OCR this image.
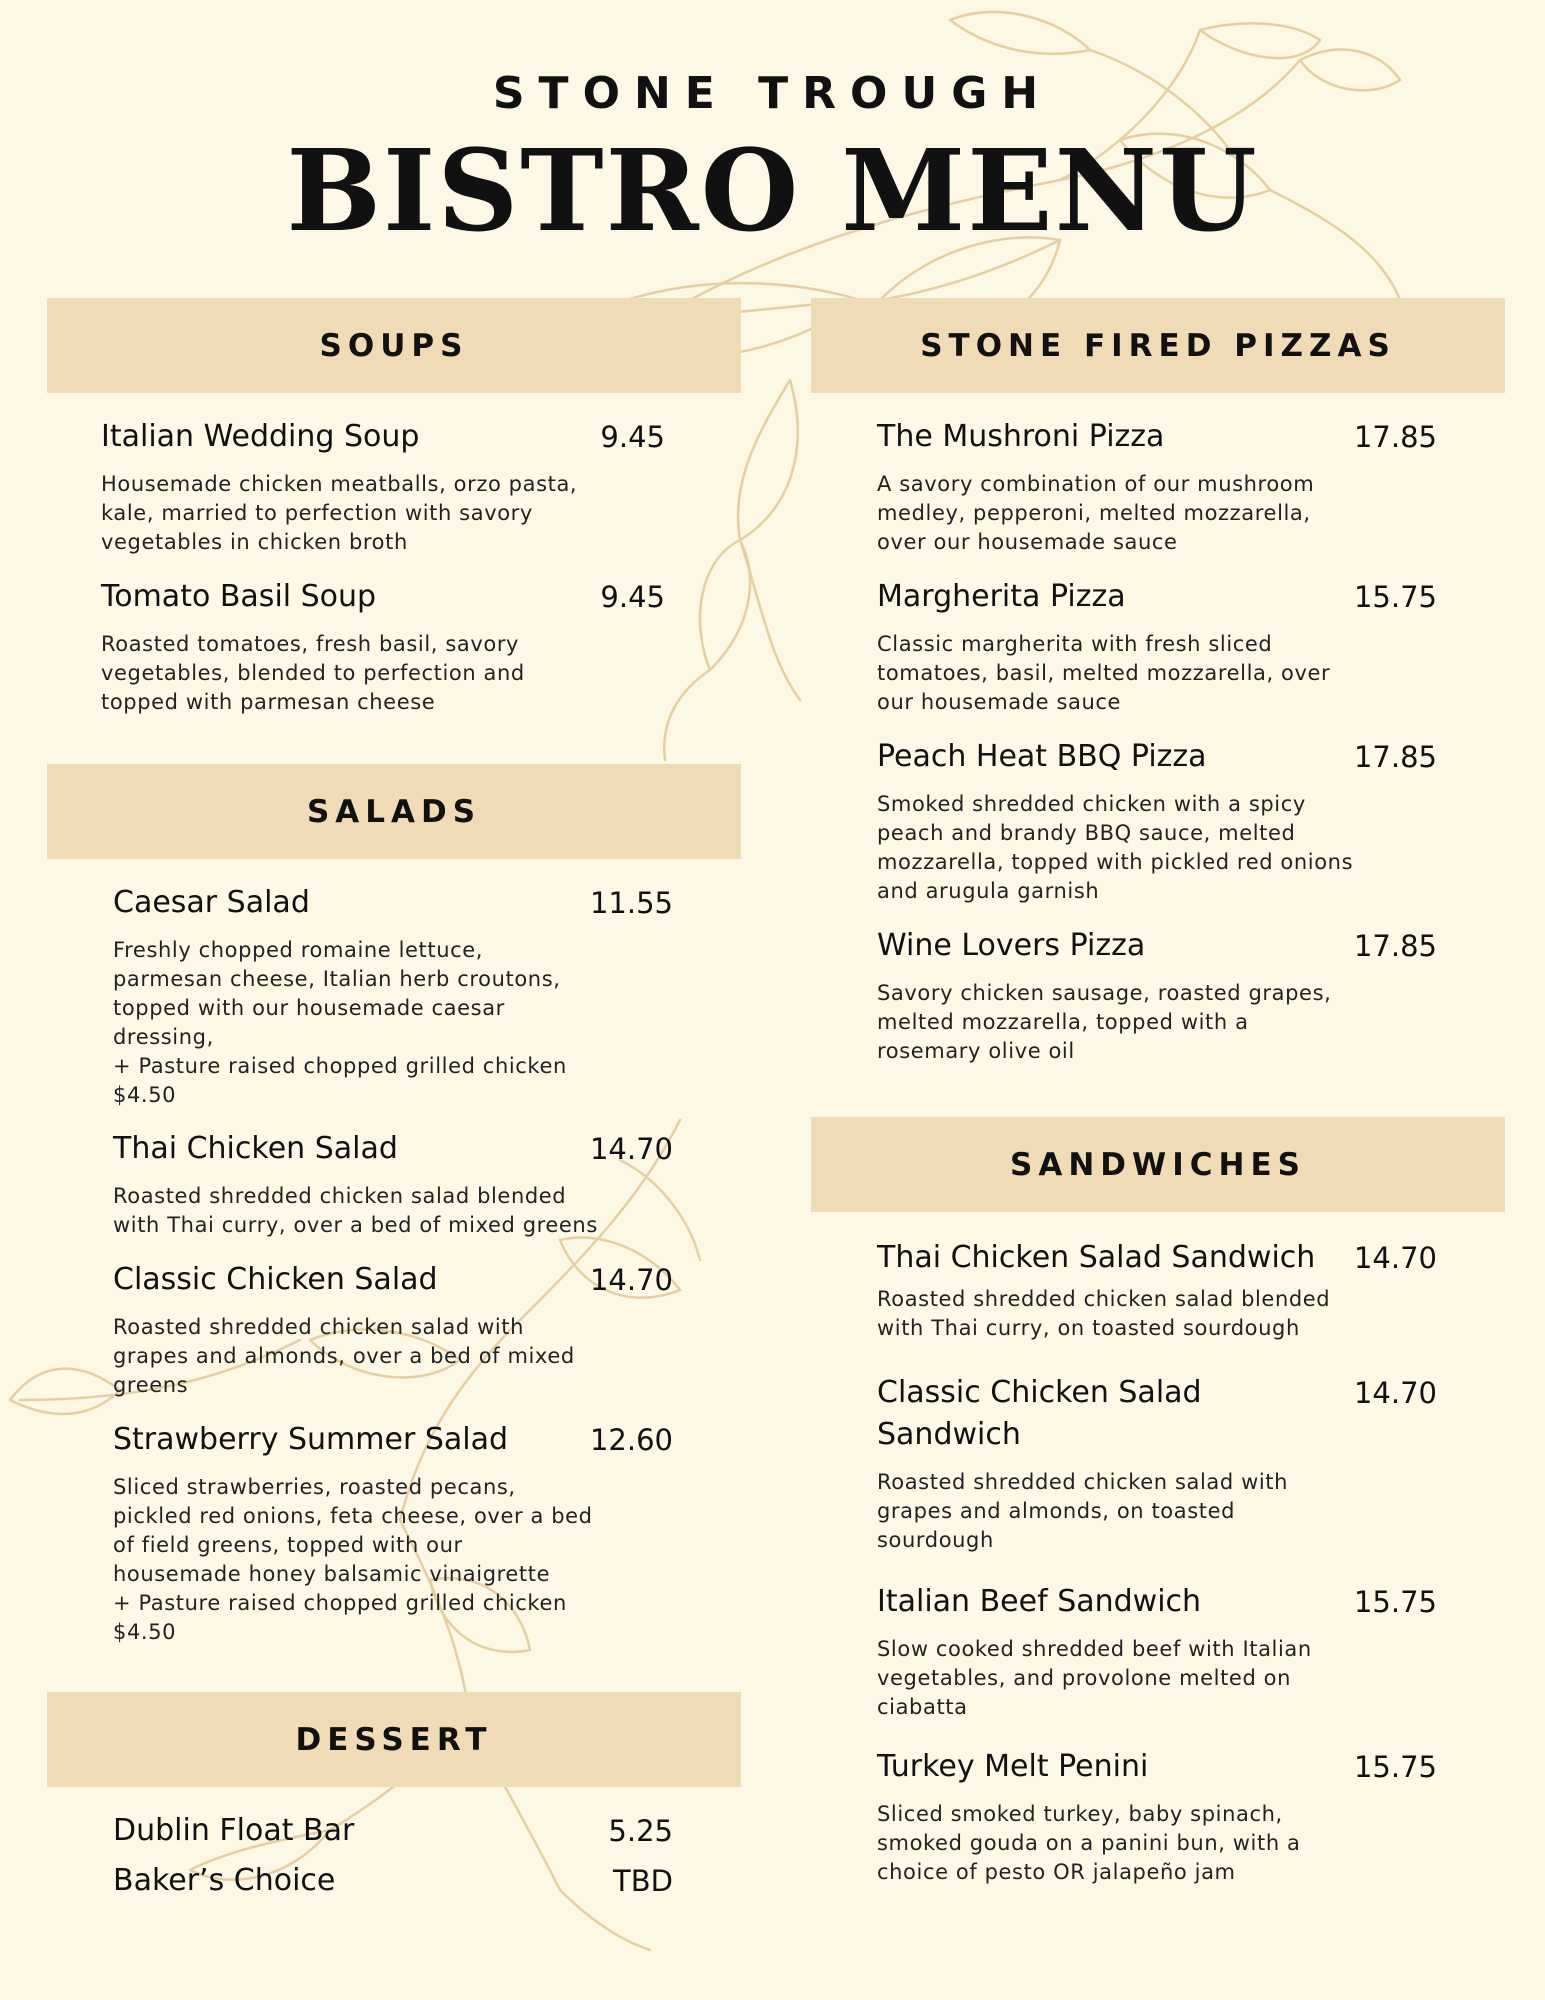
STONE TROUGH
BISTRO MENU
SOUPS
Italian Wedding Soup	9.45
Housemade chicken meatballs, orzo pasta,
kale, married to perfection with savory
vegetables in chicken broth
Tomato Basil Soup	9.45
Roasted tomatoes, fresh basil, savory
vegetables, blended to perfection and
topped with parmesan cheese
SALADS
Caesar Salad	11.55
Freshly chopped romaine lettuce,
parmesan cheese, Italian herb croutons,
topped with our housemade caesar
dressing,
+ Pasture raised chopped grilled chicken
$4.50
Thai Chicken Salad	14.70
Roasted shredded chicken salad blended
with Thai curry, over a bed of mixed greens
Classic Chicken Salad	14.70
Roasted shredded chicken salad with
grapes and almonds, over a bed of mixed
greens
Strawberry Summer Salad	12.60
Sliced strawberries, roasted pecans,
pickled red onions, feta cheese, over a bed
of field greens, topped with our
housemade honey balsamic vinaigrette
+ Pasture raised chopped grilled chicken
$4.50
DESSERT
Dublin Float Bar	5.25
Baker’s Choice	TBD
STONE FIRED PIZZAS
The Mushroni Pizza	17.85
A savory combination of our mushroom
medley, pepperoni, melted mozzarella,
over our housemade sauce
Margherita Pizza	15.75
Classic margherita with fresh sliced
tomatoes, basil, melted mozzarella, over
our housemade sauce
Peach Heat BBQ Pizza	17.85
Smoked shredded chicken with a spicy
peach and brandy BBQ sauce, melted
mozzarella, topped with pickled red onions
and arugula garnish
Wine Lovers Pizza	17.85
Savory chicken sausage, roasted grapes,
melted mozzarella, topped with a
rosemary olive oil
SANDWICHES
Thai Chicken Salad Sandwich	14.70
Roasted shredded chicken salad blended
with Thai curry, on toasted sourdough
Classic Chicken Salad
Sandwich
14.70
Roasted shredded chicken salad with
grapes and almonds, on toasted
sourdough
Italian Beef Sandwich	15.75
Slow cooked shredded beef with Italian
vegetables, and provolone melted on
ciabatta
Turkey Melt Penini	15.75
Sliced smoked turkey, baby spinach,
smoked gouda on a panini bun, with a
choice of pesto OR jalapeño jam
